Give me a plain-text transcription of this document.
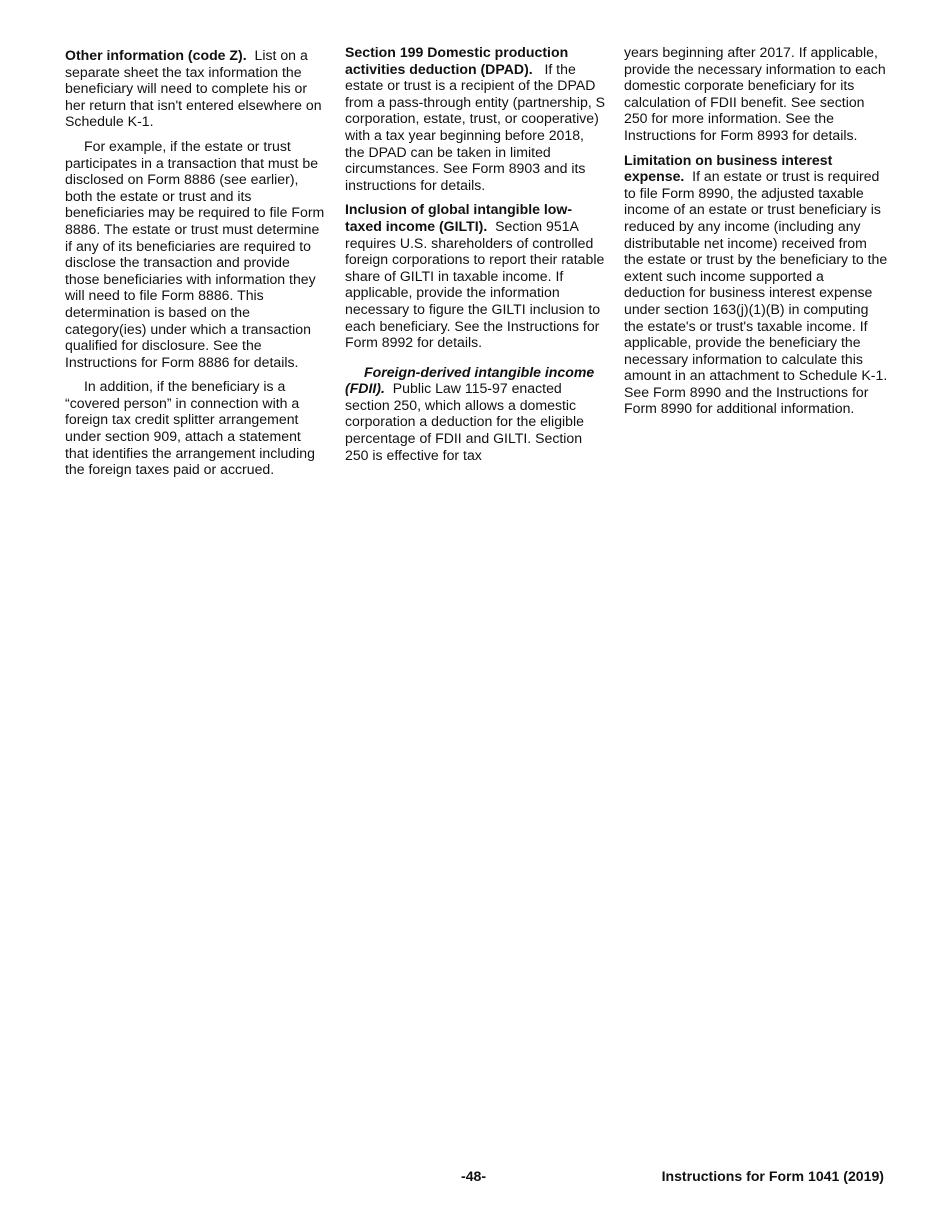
Other information (code Z). List on a separate sheet the tax information the beneficiary will need to complete his or her return that isn't entered elsewhere on Schedule K-1.

For example, if the estate or trust participates in a transaction that must be disclosed on Form 8886 (see earlier), both the estate or trust and its beneficiaries may be required to file Form 8886. The estate or trust must determine if any of its beneficiaries are required to disclose the transaction and provide those beneficiaries with information they will need to file Form 8886. This determination is based on the category(ies) under which a transaction qualified for disclosure. See the Instructions for Form 8886 for details.

In addition, if the beneficiary is a “covered person” in connection with a foreign tax credit splitter arrangement under section 909, attach a statement that identifies the arrangement including the foreign taxes paid or accrued.

Section 199 Domestic production activities deduction (DPAD). If the estate or trust is a recipient of the DPAD from a pass-through entity (partnership, S corporation, estate, trust, or cooperative) with a tax year beginning before 2018, the DPAD can be taken in limited circumstances. See Form 8903 and its instructions for details.

Inclusion of global intangible low-taxed income (GILTI). Section 951A requires U.S. shareholders of controlled foreign corporations to report their ratable share of GILTI in taxable income. If applicable, provide the information necessary to figure the GILTI inclusion to each beneficiary. See the Instructions for Form 8992 for details.

Foreign-derived intangible income (FDII). Public Law 115-97 enacted section 250, which allows a domestic corporation a deduction for the eligible percentage of FDII and GILTI. Section 250 is effective for tax

years beginning after 2017. If applicable, provide the necessary information to each domestic corporate beneficiary for its calculation of FDII benefit. See section 250 for more information. See the Instructions for Form 8993 for details.

Limitation on business interest expense. If an estate or trust is required to file Form 8990, the adjusted taxable income of an estate or trust beneficiary is reduced by any income (including any distributable net income) received from the estate or trust by the beneficiary to the extent such income supported a deduction for business interest expense under section 163(j)(1)(B) in computing the estate's or trust's taxable income. If applicable, provide the beneficiary the necessary information to calculate this amount in an attachment to Schedule K-1. See Form 8990 and the Instructions for Form 8990 for additional information.

-48-	Instructions for Form 1041 (2019)
